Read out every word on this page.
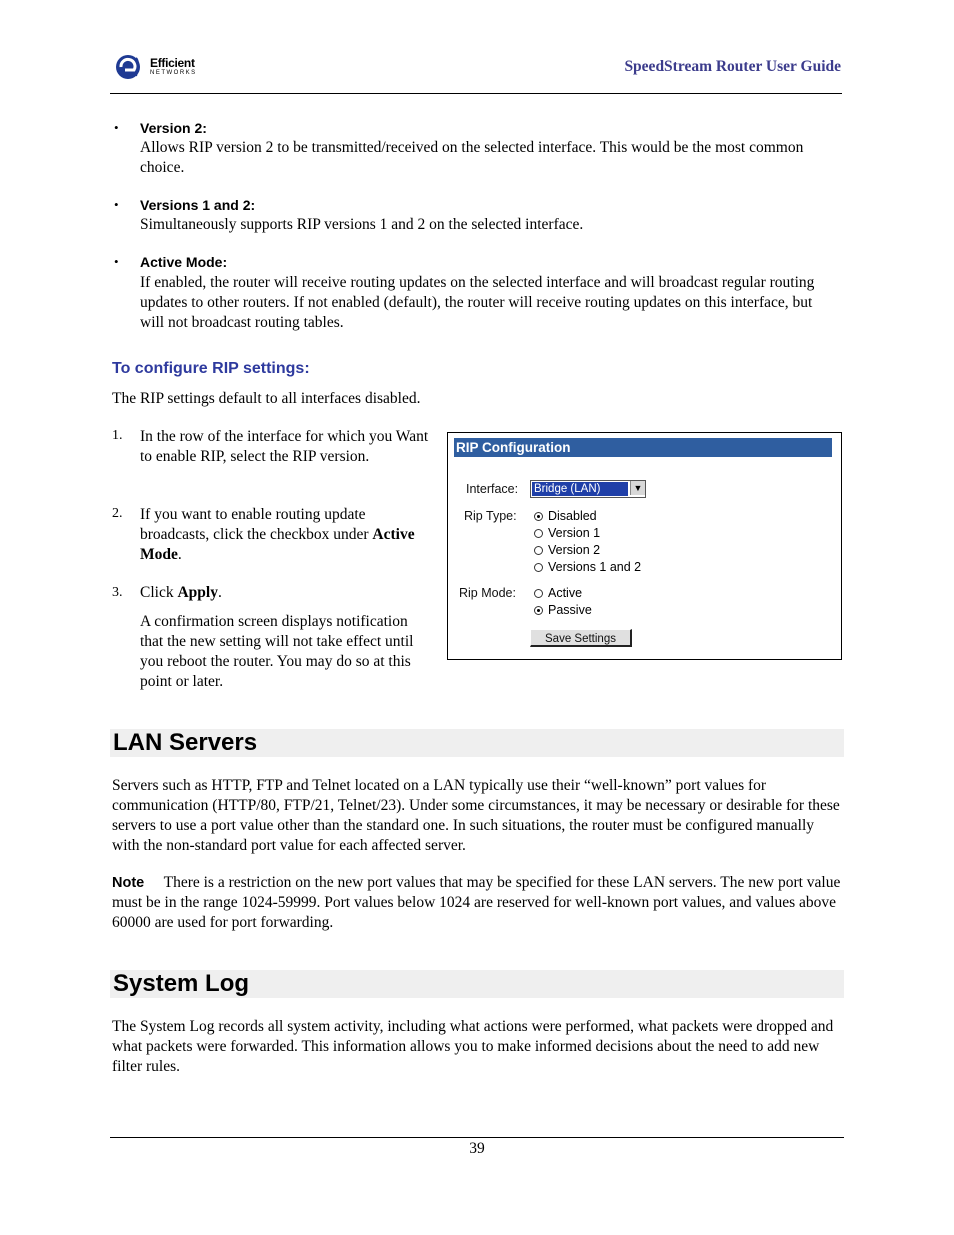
Efficient
NETWORKS	SpeedStream Router User Guide
• Version 2:
Allows RIP version 2 to be transmitted/received on the selected interface. This would be the most common choice.
• Versions 1 and 2:
Simultaneously supports RIP versions 1 and 2 on the selected interface.
• Active Mode:
If enabled, the router will receive routing updates on the selected interface and will broadcast regular routing updates to other routers. If not enabled (default), the router will receive routing updates on this interface, but will not broadcast routing tables.
To configure RIP settings:
The RIP settings default to all interfaces disabled.
1. In the row of the interface for which you Want to enable RIP, select the RIP version.
2. If you want to enable routing update broadcasts, click the checkbox under Active Mode.
3. Click Apply.
A confirmation screen displays notification that the new setting will not take effect until you reboot the router. You may do so at this point or later.
RIP Configuration
Interface: Bridge (LAN)	▼
Rip Type:	Disabled
Version 1
Version 2
Versions 1 and 2
Rip Mode:	Active
Passive
Save Settings
LAN Servers
Servers such as HTTP, FTP and Telnet located on a LAN typically use their “well-known” port values for communication (HTTP/80, FTP/21, Telnet/23). Under some circumstances, it may be necessary or desirable for these servers to use a port value other than the standard one. In such situations, the router must be configured manually with the non-standard port value for each affected server.
Note There is a restriction on the new port values that may be specified for these LAN servers. The new port value must be in the range 1024-59999. Port values below 1024 are reserved for well-known port values, and values above 60000 are used for port forwarding.
System Log
The System Log records all system activity, including what actions were performed, what packets were dropped and what packets were forwarded. This information allows you to make informed decisions about the need to add new filter rules.
39
